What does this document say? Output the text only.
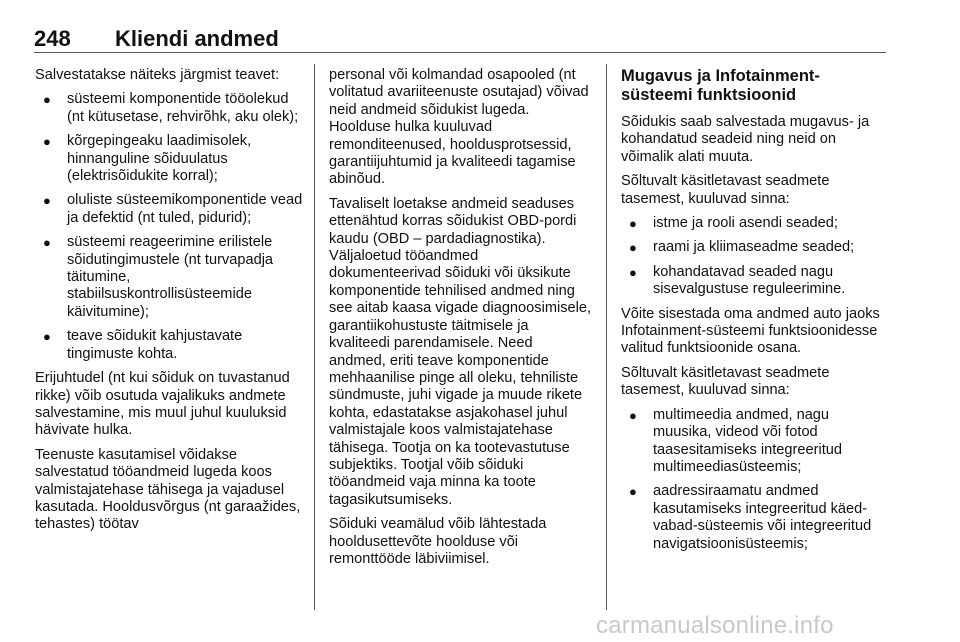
248 Kliendi andmed

Salvestatakse näiteks järgmist teavet:

● süsteemi komponentide tööolekud (nt kütusetase, rehvirõhk, aku olek);
● kõrgepingeaku laadimisolek, hinnanguline sõiduulatus (elektrisõidukite korral);
● oluliste süsteemikomponentide vead ja defektid (nt tuled, pidurid);
● süsteemi reageerimine erilistele sõidutingimustele (nt turvapadja täitumine, stabiilsuskontrollisüsteemide käivitumine);
● teave sõidukit kahjustavate tingimuste kohta.

Erijuhtudel (nt kui sõiduk on tuvastanud rikke) võib osutuda vajalikuks andmete salvestamine, mis muul juhul kuuluksid hävivate hulka.

Teenuste kasutamisel võidakse salvestatud tööandmeid lugeda koos valmistajatehase tähisega ja vajadusel kasutada. Hooldusvõrgus (nt garaažides, tehastes) töötav

personal või kolmandad osapooled (nt volitatud avariiteenuste osutajad) võivad neid andmeid sõidukist lugeda. Hoolduse hulka kuuluvad remonditeenused, hooldusprotsessid, garantiijuhtumid ja kvaliteedi tagamise abinõud.

Tavaliselt loetakse andmeid seaduses ettenähtud korras sõidukist OBD-pordi kaudu (OBD – pardadiagnostika). Väljaloetud tööandmed dokumenteerivad sõiduki või üksikute komponentide tehnilised andmed ning see aitab kaasa vigade diagnoosimisele, garantiikohustuste täitmisele ja kvaliteedi parendamisele. Need andmed, eriti teave komponentide mehhaanilise pinge all oleku, tehniliste sündmuste, juhi vigade ja muude rikete kohta, edastatakse asjakohasel juhul valmistajale koos valmistajatehase tähisega. Tootja on ka tootevastutuse subjektiks. Tootjal võib sõiduki tööandmeid vaja minna ka toote tagasikutsumiseks.

Sõiduki veamälud võib lähtestada hooldusettevõte hoolduse või remonttööde läbiviimisel.

Mugavus ja Infotainment-süsteemi funktsioonid

Sõidukis saab salvestada mugavus- ja kohandatud seadeid ning neid on võimalik alati muuta.

Sõltuvalt käsitletavast seadmete tasemest, kuuluvad sinna:

● istme ja rooli asendi seaded;
● raami ja kliimaseadme seaded;
● kohandatavad seaded nagu sisevalgustuse reguleerimine.

Võite sisestada oma andmed auto jaoks Infotainment-süsteemi funktsioonidesse valitud funktsioonide osana.

Sõltuvalt käsitletavast seadmete tasemest, kuuluvad sinna:

● multimeedia andmed, nagu muusika, videod või fotod taasesitamiseks integreeritud multimeediasüsteemis;
● aadressiraamatu andmed kasutamiseks integreeritud käed-vabad-süsteemis või integreeritud navigatsioonisüsteemis;
carmanualsonline.info
